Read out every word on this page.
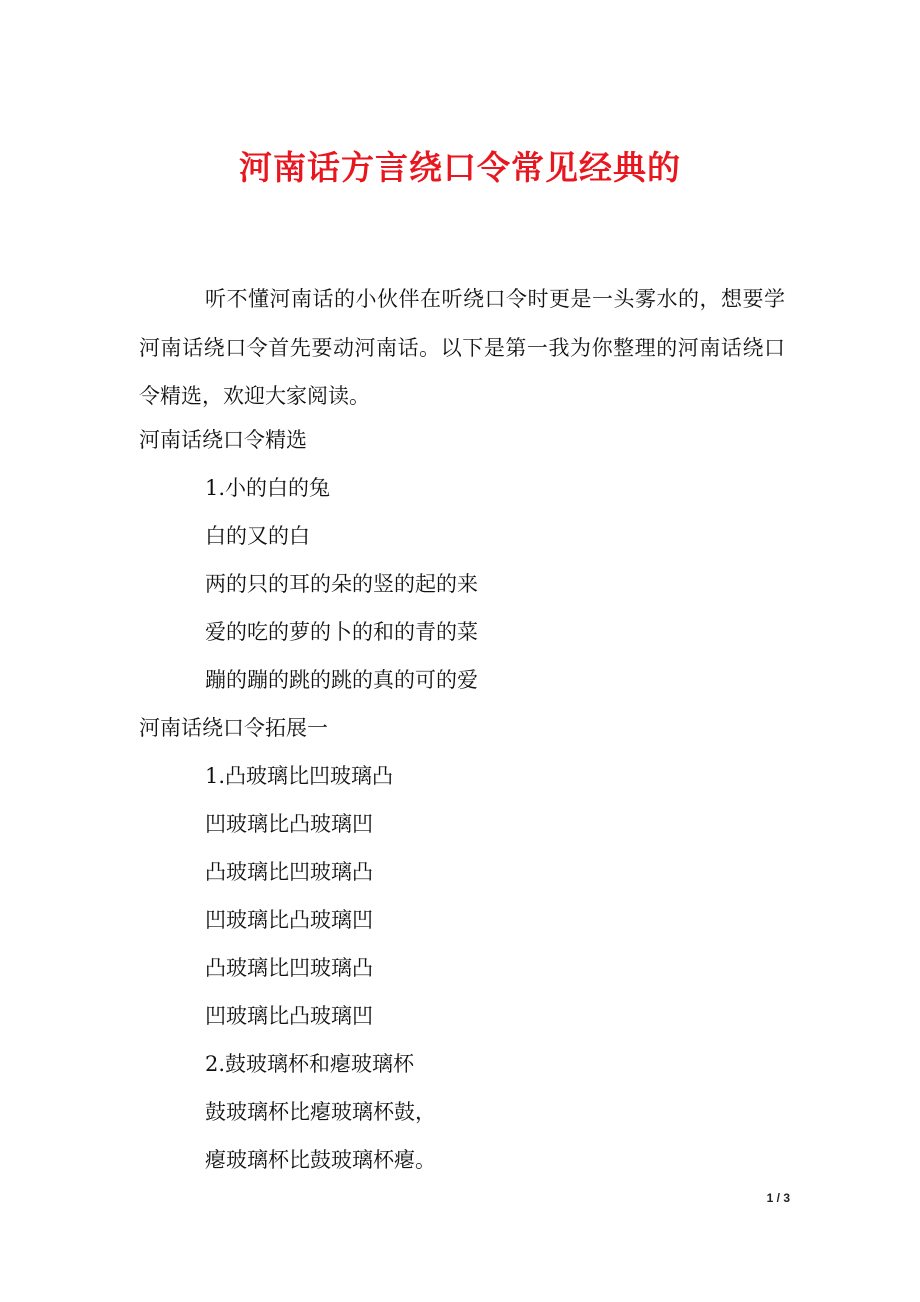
河南话方言绕口令常见经典的

听不懂河南话的小伙伴在听绕口令时更是一头雾水的，想要学河南话绕口令首先要动河南话。以下是第一我为你整理的河南话绕口令精选，欢迎大家阅读。

河南话绕口令精选
1.小的白的兔
白的又的白
两的只的耳的朵的竖的起的来
爱的吃的萝的卜的和的青的菜
蹦的蹦的跳的跳的真的可的爱
河南话绕口令拓展一
1.凸玻璃比凹玻璃凸
凹玻璃比凸玻璃凹
凸玻璃比凹玻璃凸
凹玻璃比凸玻璃凹
凸玻璃比凹玻璃凸
凹玻璃比凸玻璃凹
2.鼓玻璃杯和瘪玻璃杯
鼓玻璃杯比瘪玻璃杯鼓，
瘪玻璃杯比鼓玻璃杯瘪。
1 / 3
